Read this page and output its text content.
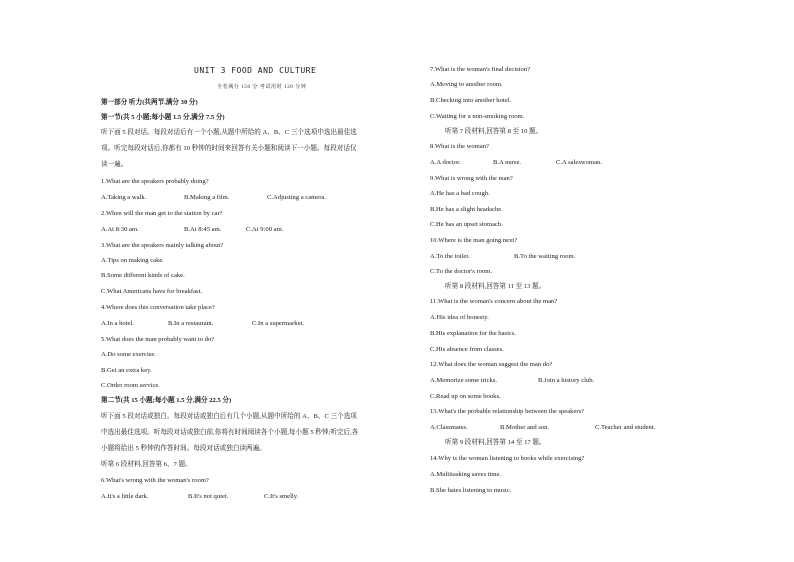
UNIT 3 FOOD AND CULTURE
全卷满分 150 分 考试用时 120 分钟
第一部分 听力(共两节,满分 30 分)
第一节(共 5 小题;每小题 1.5 分,满分 7.5 分)
听下面 5 段对话。每段对话后有一个小题,从题中所给的 A、B、C 三个选项中选出最佳选
项。听完每段对话后,你都有 10 秒钟的时间来回答有关小题和阅读下一小题。每段对话仅
读一遍。
1.What are the speakers probably doing?
A.Taking a walk.	B.Making a film.	C.Adjusting a camera.
2.When will the man get to the station by car?
A.At 8:30 am.	B.At 8:45 am.	C.At 9:00 am.
3.What are the speakers mainly talking about?
A.Tips on making cake.
B.Some different kinds of cake.
C.What Americans have for breakfast.
4.Where does this conversation take place?
A.In a hotel.	B.In a restaurant.	C.In a supermarket.
5.What does the man probably want to do?
A.Do some exercise.
B.Get an extra key.
C.Order room service.
第二节(共 15 小题;每小题 1.5 分,满分 22.5 分)
听下面 5 段对话或独白。每段对话或独白后有几个小题,从题中所给的 A、B、C 三个选项
中选出最佳选项。听每段对话或独白前,你将有时间阅读各个小题,每小题 5 秒钟;听完后,各
小题将给出 5 秒钟的作答时间。每段对话或独白读两遍。
听第 6 段材料,回答第 6、7 题。
6.What's wrong with the woman's room?
A.It's a little dark.	B.It's not quiet.	C.It's smelly.
7.What is the woman's final decision?
A.Moving to another room.
B.Checking into another hotel.
C.Waiting for a non-smoking room.
听第 7 段材料,回答第 8 至 10 题。
8.What is the woman?
A.A doctor.	B.A nurse.	C.A saleswoman.
9.What is wrong with the man?
A.He has a bad cough.
B.He has a slight headache.
C.He has an upset stomach.
10.Where is the man going next?
A.To the toilet.	B.To the waiting room.
C.To the doctor's room.
听第 8 段材料,回答第 11 至 13 题。
11.What is the woman's concern about the man?
A.His idea of honesty.
B.His explanation for the basics.
C.His absence from classes.
12.What does the woman suggest the man do?
A.Memorize some tricks.	B.Join a history club.
C.Read up on some books.
13.What's the probable relationship between the speakers?
A.Classmates.	B.Mother and son.	C.Teacher and student.
听第 9 段材料,回答第 14 至 17 题。
14.Why is the woman listening to books while exercising?
A.Multitasking saves time.
B.She hates listening to music.
